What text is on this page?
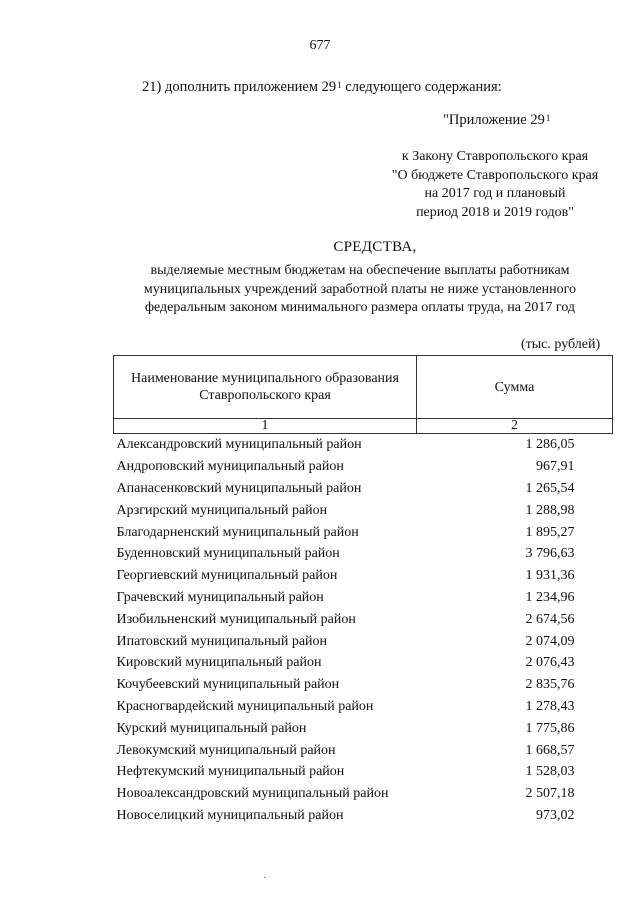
677
21) дополнить приложением $29^1$ следующего содержания:
"Приложение $29^1$
к Закону Ставропольского края
"О бюджете Ставропольского края
на 2017 год и плановый
период 2018 и 2019 годов"
СРЕДСТВА,
выделяемые местным бюджетам на обеспечение выплаты работникам
муниципальных учреждений заработной платы не ниже установленного
федеральным законом минимального размера оплаты труда, на 2017 год
(тыс. рублей)
Наименование муниципального образования Ставропольского края	Сумма
1	2
Александровский муниципальный район	1 286,05
Андроповский муниципальный район	967,91
Апанасенковский муниципальный район	1 265,54
Арзгирский муниципальный район	1 288,98
Благодарненский муниципальный район	1 895,27
Буденновский муниципальный район	3 796,63
Георгиевский муниципальный район	1 931,36
Грачевский муниципальный район	1 234,96
Изобильненский муниципальный район	2 674,56
Ипатовский муниципальный район	2 074,09
Кировский муниципальный район	2 076,43
Кочубеевский муниципальный район	2 835,76
Красногвардейский муниципальный район	1 278,43
Курский муниципальный район	1 775,86
Левокумский муниципальный район	1 668,57
Нефтекумский муниципальный район	1 528,03
Новоалександровский муниципальный район	2 507,18
Новоселицкий муниципальный район	973,02
·
